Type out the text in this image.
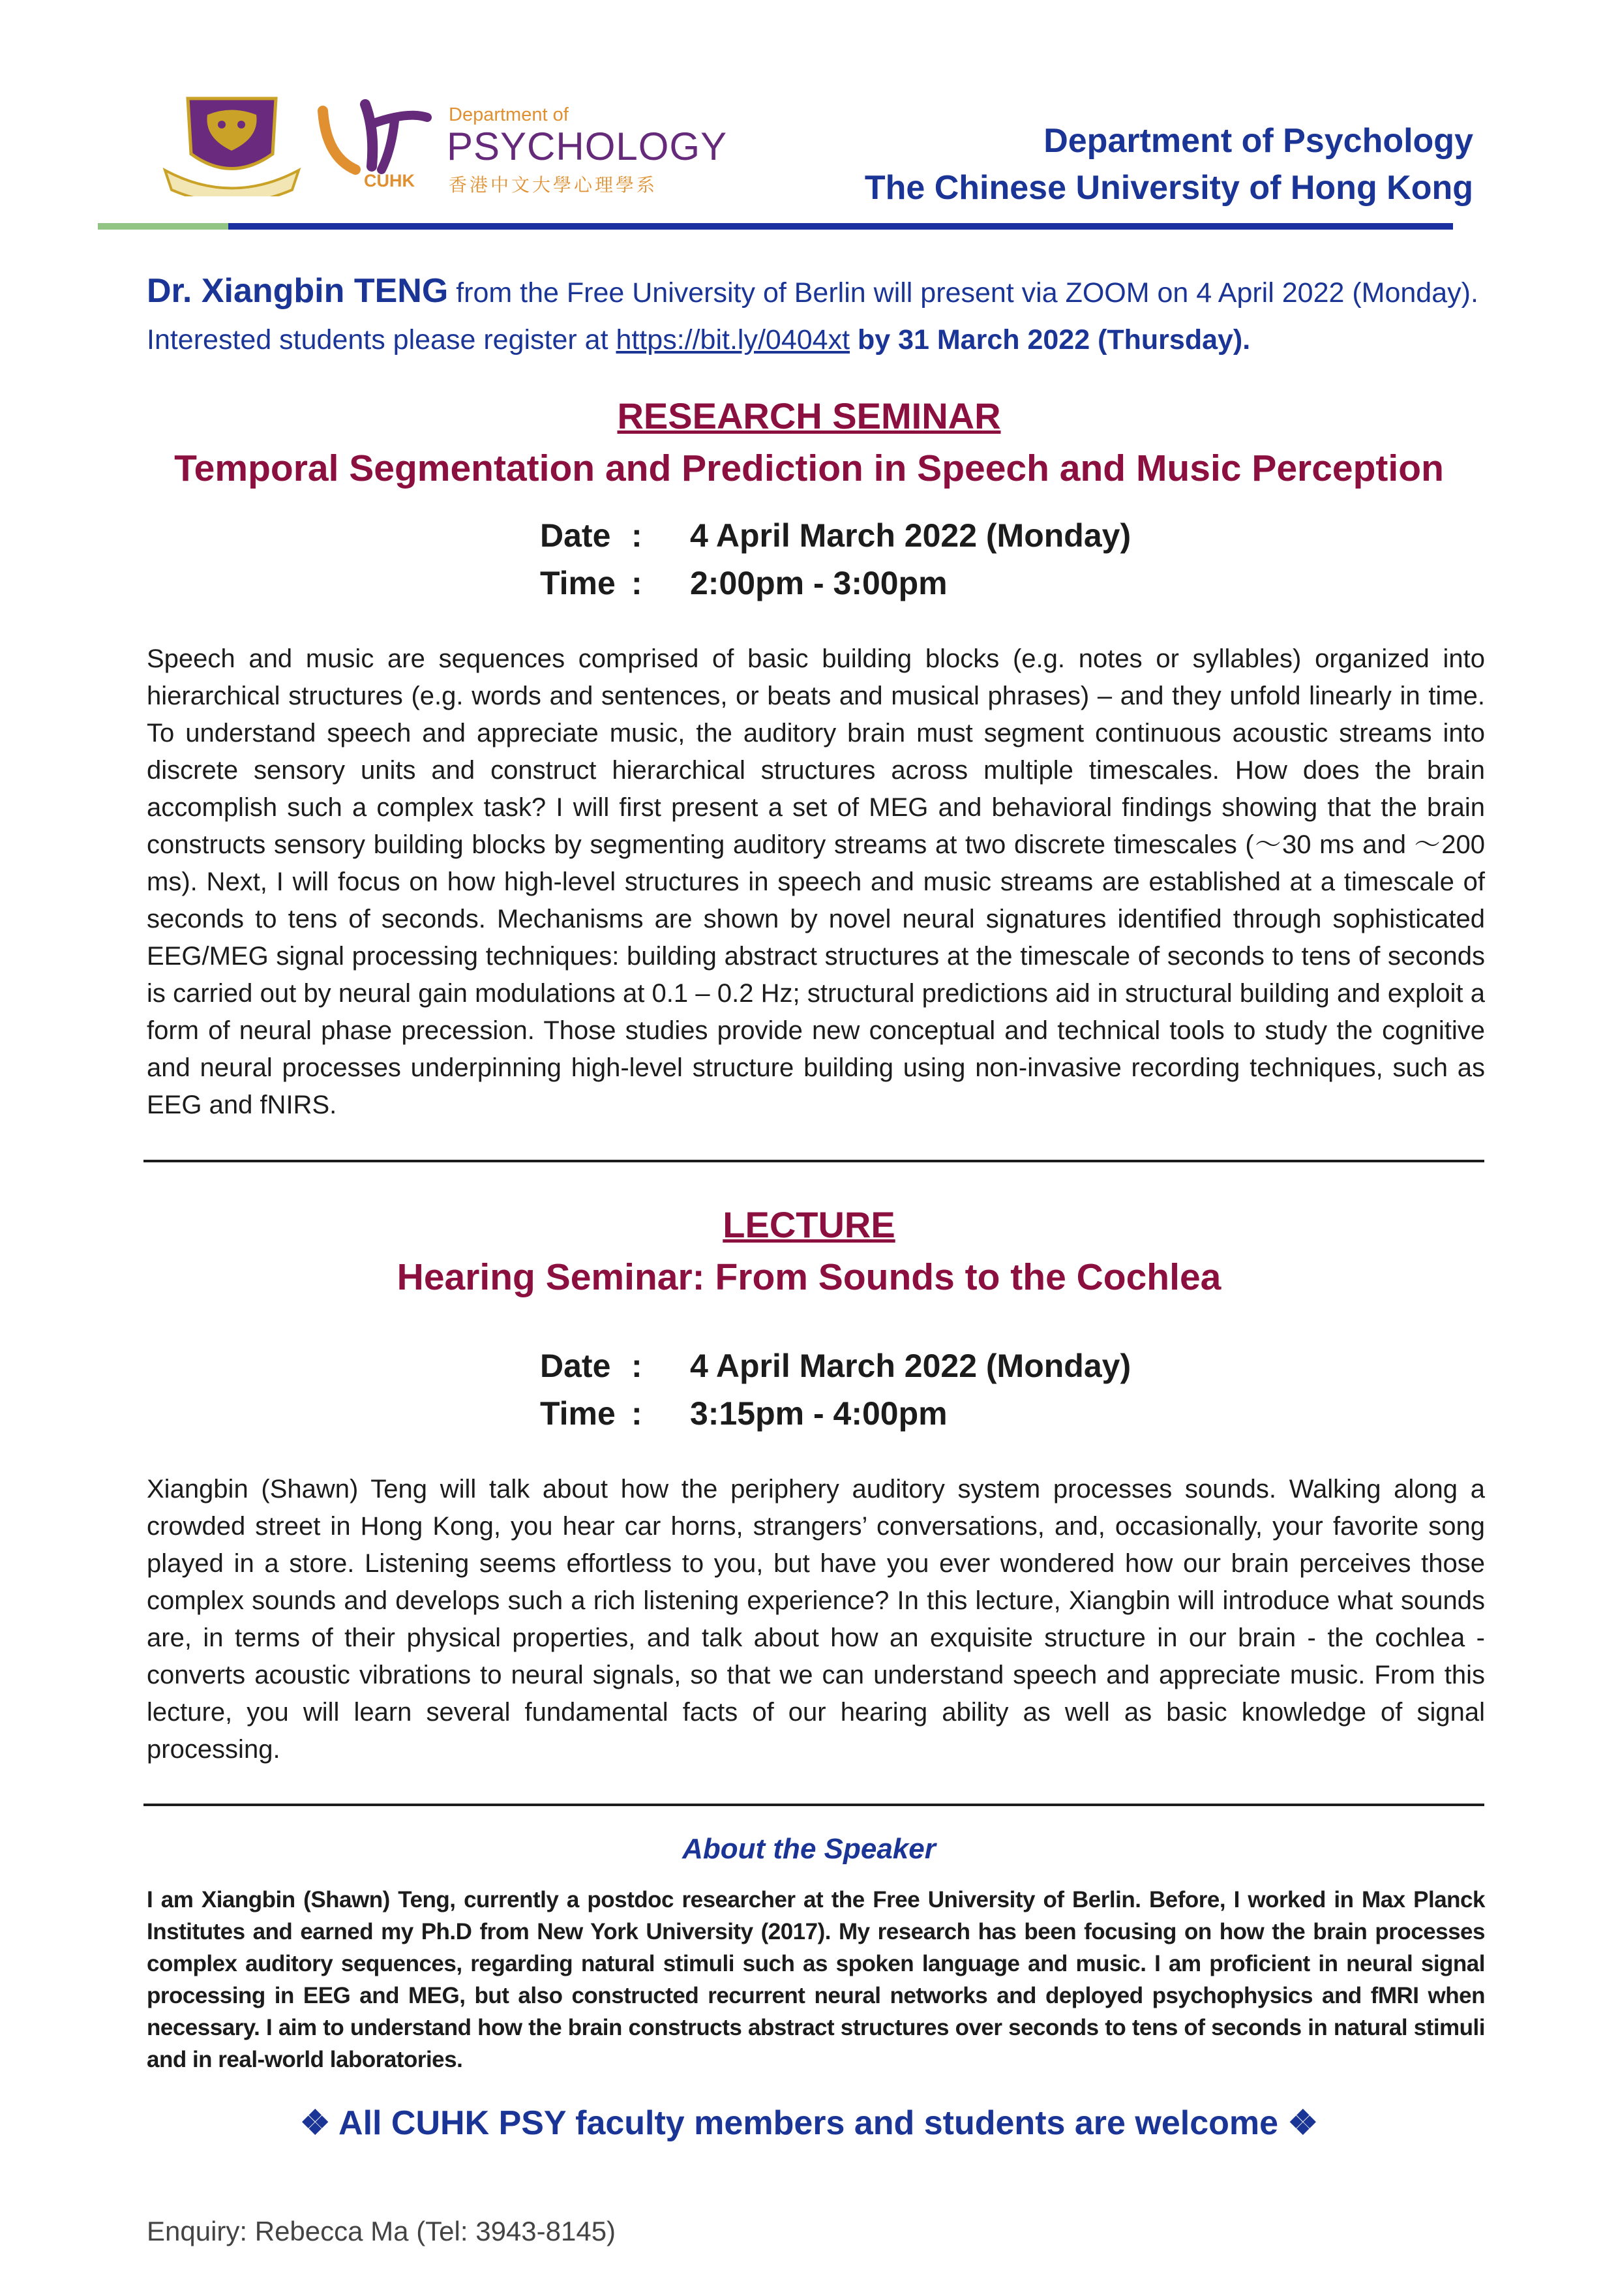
Department of
PSYCHOLOGY
CUHK 香港中文大學心理學系
Department of Psychology
The Chinese University of Hong Kong
Dr. Xiangbin TENG from the Free University of Berlin will present via ZOOM on 4 April 2022 (Monday). Interested students please register at https://bit.ly/0404xt by 31 March 2022 (Thursday).
RESEARCH SEMINAR
Temporal Segmentation and Prediction in Speech and Music Perception
Date : 4 April March 2022 (Monday)
Time : 2:00pm - 3:00pm
Speech and music are sequences comprised of basic building blocks (e.g. notes or syllables) organized into hierarchical structures (e.g. words and sentences, or beats and musical phrases) – and they unfold linearly in time. To understand speech and appreciate music, the auditory brain must segment continuous acoustic streams into discrete sensory units and construct hierarchical structures across multiple timescales. How does the brain accomplish such a complex task? I will first present a set of MEG and behavioral findings showing that the brain constructs sensory building blocks by segmenting auditory streams at two discrete timescales (～30 ms and ～200 ms). Next, I will focus on how high-level structures in speech and music streams are established at a timescale of seconds to tens of seconds. Mechanisms are shown by novel neural signatures identified through sophisticated EEG/MEG signal processing techniques: building abstract structures at the timescale of seconds to tens of seconds is carried out by neural gain modulations at 0.1 – 0.2 Hz; structural predictions aid in structural building and exploit a form of neural phase precession. Those studies provide new conceptual and technical tools to study the cognitive and neural processes underpinning high-level structure building using non-invasive recording techniques, such as EEG and fNIRS.
LECTURE
Hearing Seminar: From Sounds to the Cochlea
Date : 4 April March 2022 (Monday)
Time : 3:15pm - 4:00pm
Xiangbin (Shawn) Teng will talk about how the periphery auditory system processes sounds. Walking along a crowded street in Hong Kong, you hear car horns, strangers’ conversations, and, occasionally, your favorite song played in a store. Listening seems effortless to you, but have you ever wondered how our brain perceives those complex sounds and develops such a rich listening experience? In this lecture, Xiangbin will introduce what sounds are, in terms of their physical properties, and talk about how an exquisite structure in our brain - the cochlea - converts acoustic vibrations to neural signals, so that we can understand speech and appreciate music. From this lecture, you will learn several fundamental facts of our hearing ability as well as basic knowledge of signal processing.
About the Speaker
I am Xiangbin (Shawn) Teng, currently a postdoc researcher at the Free University of Berlin. Before, I worked in Max Planck Institutes and earned my Ph.D from New York University (2017). My research has been focusing on how the brain processes complex auditory sequences, regarding natural stimuli such as spoken language and music. I am proficient in neural signal processing in EEG and MEG, but also constructed recurrent neural networks and deployed psychophysics and fMRI when necessary. I aim to understand how the brain constructs abstract structures over seconds to tens of seconds in natural stimuli and in real-world laboratories.
❖ All CUHK PSY faculty members and students are welcome ❖
Enquiry: Rebecca Ma (Tel: 3943-8145)
